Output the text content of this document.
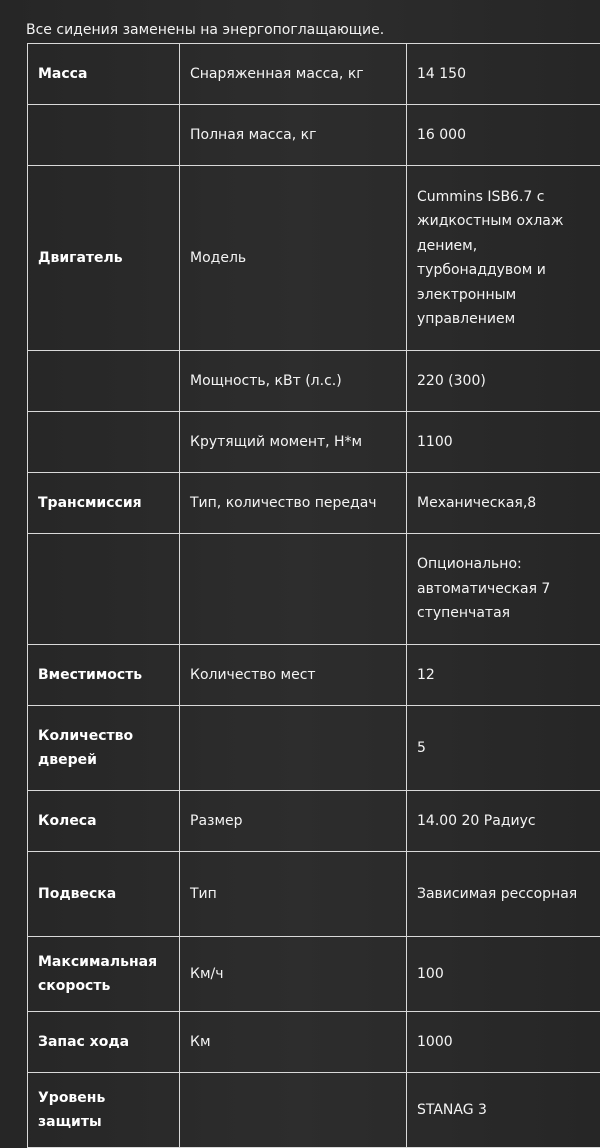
Все сидения заменены на энергопоглащающие.

Масса	Снаряженная масса, кг	14 150
	Полная масса, кг	16 000
Двигатель	Модель	Cummins ISB6.7 с жидкостным охлаж дением, турбонаддувом и электронным управлением
	Мощность, кВт (л.с.)	220 (300)
	Крутящий момент, Н*м	1100
Трансмиссия	Тип, количество передач	Механическая,8
		Опционально: автоматическая 7 ступенчатая
Вместимость	Количество мест	12
Количество дверей		5
Колеса	Размер	14.00 20 Радиус
Подвеска	Тип	Зависимая рессорная
Максимальная скорость	Км/ч	100
Запас хода	Км	1000
Уровень защиты		STANAG 3
